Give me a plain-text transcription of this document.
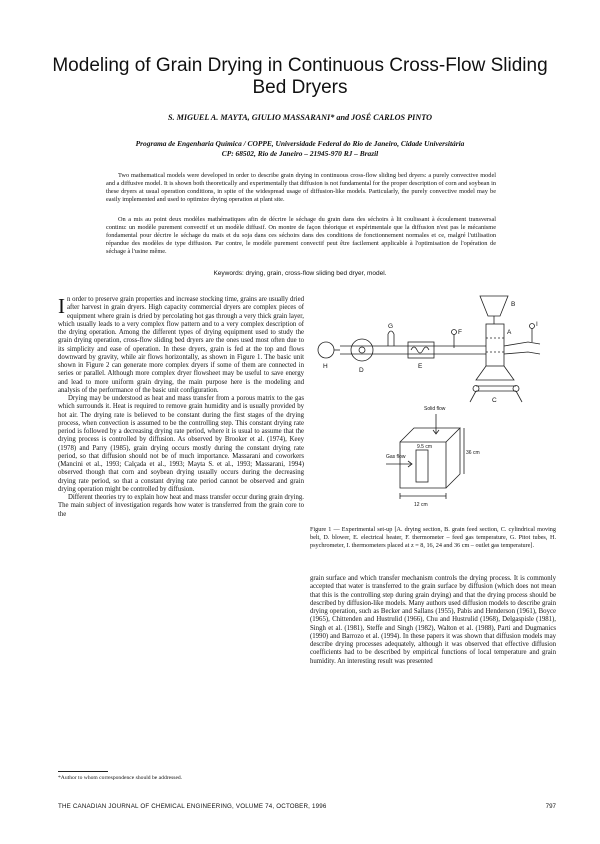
Modeling of Grain Drying in Continuous Cross-Flow Sliding Bed Dryers
S. MIGUEL A. MAYTA, GIULIO MASSARANI* and JOSÉ CARLOS PINTO
Programa de Engenharia Química / COPPE, Universidade Federal do Rio de Janeiro, Cidade Universitária
CP: 68502, Rio de Janeiro – 21945-970 RJ – Brazil

Two mathematical models were developed in order to describe grain drying in continuous cross-flow sliding bed dryers: a purely convective model and a diffusive model. It is shown both theoretically and experimentally that diffusion is not fundamental for the proper description of corn and soybean in these dryers at usual operation conditions, in spite of the widespread usage of diffusion-like models. Particularly, the purely convective model may be easily implemented and used to optimize drying operation at plant site.

On a mis au point deux modèles mathématiques afin de décrire le séchage du grain dans des séchoirs à lit coulissant à écoulement transversal continu: un modèle purement convectif et un modèle diffusif. On montre de façon théorique et expérimentale que la diffusion n'est pas le mécanisme fondamental pour décrire le séchage du maïs et du soja dans ces séchoirs dans des conditions de fonctionnement normales et ce, malgré l'utilisation répandue des modèles de type diffusion. Par contre, le modèle purement convectif peut être facilement applicable à l'optimisation de l'opération de séchage à l'usine même.

Keywords: drying, grain, cross-flow sliding bed dryer, model.

In order to preserve grain properties and increase stocking time, grains are usually dried after harvest in grain dryers. High capacity commercial dryers are complex pieces of equipment where grain is dried by percolating hot gas through a very thick grain layer, which usually leads to a very complex flow pattern and to a very complex description of the drying operation. Among the different types of drying equipment used to study the grain drying operation, cross-flow sliding bed dryers are the ones used most often due to its simplicity and ease of operation. In these dryers, grain is fed at the top and flows downward by gravity, while air flows horizontally, as shown in Figure 1. The basic unit shown in Figure 2 can generate more complex dryers if some of them are connected in series or parallel. Although more complex dryer flowsheet may be useful to save energy and lead to more uniform grain drying, the main purpose here is the modeling and analysis of the performance of the basic unit configuration.

Drying may be understood as heat and mass transfer from a porous matrix to the gas which surrounds it. Heat is required to remove grain humidity and is usually provided by hot air. The drying rate is believed to be constant during the first stages of the drying process, when convection is assumed to be the controlling step. This constant drying rate period is followed by a decreasing drying rate period, where it is usual to assume that the drying process is controlled by diffusion. As observed by Brooker et al. (1974), Keey (1978) and Parry (1985), grain drying occurs mostly during the constant drying rate period, so that diffusion should not be of much importance. Massarani and coworkers (Mancini et al., 1993; Calçada et al., 1993; Mayta S. et al., 1993; Massarani, 1994) observed though that corn and soybean drying usually occurs during the decreasing drying rate period, so that a constant drying rate period cannot be observed and grain drying operation might be controlled by diffusion.

Different theories try to explain how heat and mass transfer occur during grain drying. The main subject of investigation regards how water is transferred from the grain core to the

B
A
C
D
E
F
G
H
I
Solid flow
Gas flow
12 cm
36 cm
9.5 cm

Figure 1 — Experimental set-up [A. drying section, B. grain feed section, C. cylindrical moving belt, D. blower, E. electrical heater, F. thermometer – feed gas temperature, G. Pitot tubes, H. psychrometer, I. thermometers placed at z = 8, 16, 24 and 36 cm – outlet gas temperature].

grain surface and which transfer mechanism controls the drying process. It is commonly accepted that water is transferred to the grain surface by diffusion (which does not mean that this is the controlling step during grain drying) and that the drying process should be described by diffusion-like models. Many authors used diffusion models to describe grain drying operation, such as Becker and Sallans (1955), Pabis and Henderson (1961), Boyce (1965), Chittenden and Hustrulid (1966), Chu and Hustrulid (1968), Delgaspisle (1981), Singh et al. (1981), Steffe and Singh (1982), Walton et al. (1988), Parti and Dugmanics (1990) and Barrozo et al. (1994). In these papers it was shown that diffusion models may describe drying processes adequately, although it was observed that effective diffusion coefficients had to be described by empirical functions of local temperature and grain humidity. An interesting result was presented

*Author to whom correspondence should be addressed.
THE CANADIAN JOURNAL OF CHEMICAL ENGINEERING, VOLUME 74, OCTOBER, 1996	797
